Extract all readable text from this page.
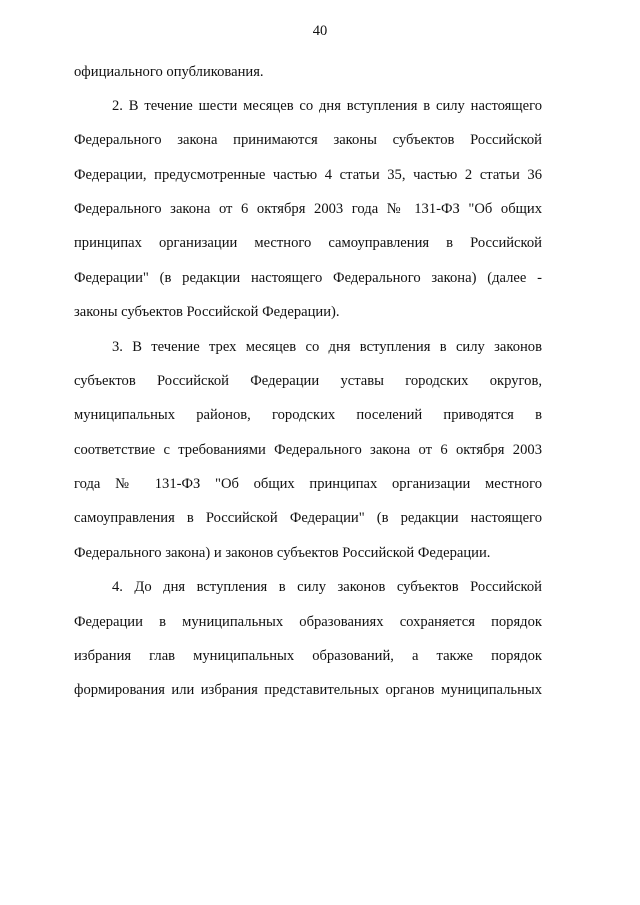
40
официального опубликования.
2. В течение шести месяцев со дня вступления в силу настоящего
Федерального закона принимаются законы субъектов Российской
Федерации, предусмотренные частью 4 статьи 35, частью 2 статьи 36
Федерального закона от 6 октября 2003 года № 131-ФЗ "Об общих
принципах организации местного самоуправления в Российской
Федерации" (в редакции настоящего Федерального закона) (далее -
законы субъектов Российской Федерации).
3. В течение трех месяцев со дня вступления в силу законов
субъектов Российской Федерации уставы городских округов,
муниципальных районов, городских поселений приводятся в
соответствие с требованиями Федерального закона от 6 октября 2003
года № 131-ФЗ "Об общих принципах организации местного
самоуправления в Российской Федерации" (в редакции настоящего
Федерального закона) и законов субъектов Российской Федерации.
4. До дня вступления в силу законов субъектов Российской
Федерации в муниципальных образованиях сохраняется порядок
избрания глав муниципальных образований, а также порядок
формирования или избрания представительных органов муниципальных
